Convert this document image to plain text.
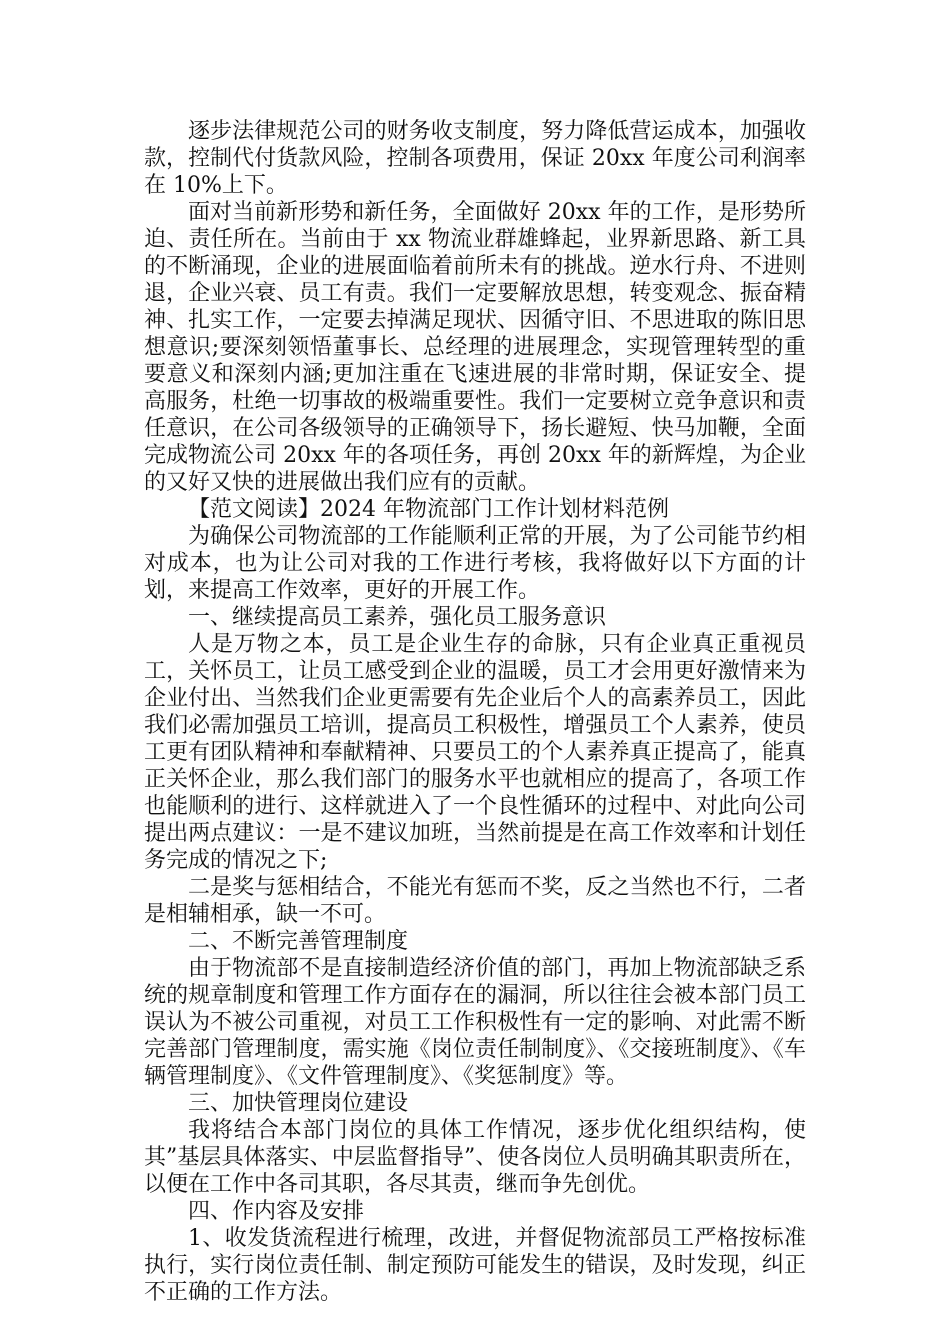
逐步法律规范公司的财务收支制度，努力降低营运成本，加强收款，控制代付货款风险，控制各项费用，保证 20xx 年度公司利润率在 10%上下。

面对当前新形势和新任务，全面做好 20xx 年的工作，是形势所迫、责任所在。当前由于 xx 物流业群雄蜂起，业界新思路、新工具的不断涌现，企业的进展面临着前所未有的挑战。逆水行舟、不进则退，企业兴衰、员工有责。我们一定要解放思想，转变观念、振奋精神、扎实工作，一定要去掉满足现状、因循守旧、不思进取的陈旧思想意识;要深刻领悟董事长、总经理的进展理念，实现管理转型的重要意义和深刻内涵;更加注重在飞速进展的非常时期，保证安全、提高服务，杜绝一切事故的极端重要性。我们一定要树立竞争意识和责任意识，在公司各级领导的正确领导下，扬长避短、快马加鞭，全面完成物流公司 20xx 年的各项任务，再创 20xx 年的新辉煌，为企业的又好又快的进展做出我们应有的贡献。

【范文阅读】2024 年物流部门工作计划材料范例

为确保公司物流部的工作能顺利正常的开展，为了公司能节约相对成本，也为让公司对我的工作进行考核，我将做好以下方面的计划，来提高工作效率，更好的开展工作。

一、继续提高员工素养，强化员工服务意识

人是万物之本，员工是企业生存的命脉，只有企业真正重视员工，关怀员工，让员工感受到企业的温暖，员工才会用更好激情来为企业付出、当然我们企业更需要有先企业后个人的高素养员工，因此我们必需加强员工培训，提高员工积极性，增强员工个人素养，使员工更有团队精神和奉献精神、只要员工的个人素养真正提高了，能真正关怀企业，那么我们部门的服务水平也就相应的提高了，各项工作也能顺利的进行、这样就进入了一个良性循环的过程中、对此向公司提出两点建议：一是不建议加班，当然前提是在高工作效率和计划任务完成的情况之下;

二是奖与惩相结合，不能光有惩而不奖，反之当然也不行，二者是相辅相承，缺一不可。

二、不断完善管理制度

由于物流部不是直接制造经济价值的部门，再加上物流部缺乏系统的规章制度和管理工作方面存在的漏洞，所以往往会被本部门员工误认为不被公司重视，对员工工作积极性有一定的影响、对此需不断完善部门管理制度，需实施《岗位责任制制度》、《交接班制度》、《车辆管理制度》、《文件管理制度》、《奖惩制度》等。

三、加快管理岗位建设

我将结合本部门岗位的具体工作情况，逐步优化组织结构，使其”基层具体落实、中层监督指导”、使各岗位人员明确其职责所在，以便在工作中各司其职，各尽其责，继而争先创优。

四、作内容及安排

1、收发货流程进行梳理，改进，并督促物流部员工严格按标准执行，实行岗位责任制、制定预防可能发生的错误，及时发现，纠正不正确的工作方法。
